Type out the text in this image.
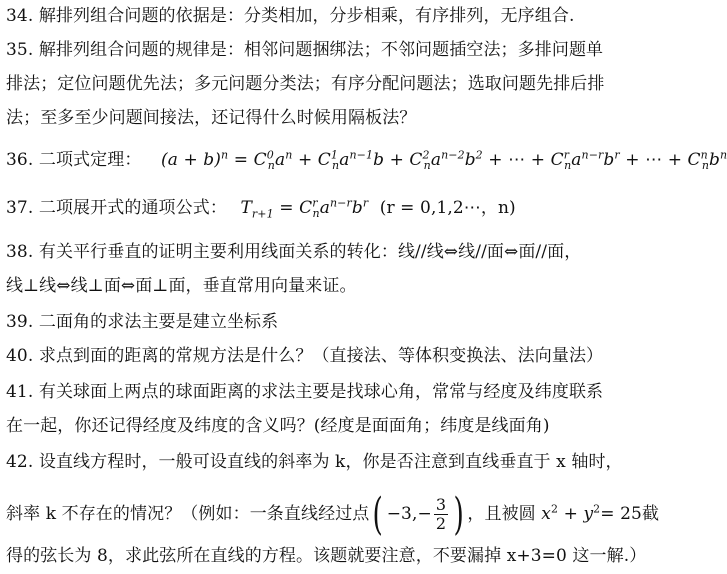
34. 解排列组合问题的依据是：分类相加，分步相乘，有序排列，无序组合.
35. 解排列组合问题的规律是：相邻问题捆绑法；不邻问题插空法；多排问题单
排法；定位问题优先法；多元问题分类法；有序分配问题法；选取问题先排后排
法；至多至少问题间接法，还记得什么时候用隔板法？
36. 二项式定理： $(a + b)^n = C^0_na^n + C^1_na^{n-1}b + C^2_na^{n-2}b^2$ + ⋯ + $C^r_na^{n-r}b^r$ + ⋯ + $C^n_nb^n$
37. 二项展开式的通项公式： $T_{r+1} = C^r_na^{n-r}b^r$ (r = 0,1,2⋯，n)
38. 有关平行垂直的证明主要利用线面关系的转化：线//线⇔线//面⇔面//面，
线⊥线⇔线⊥面⇔面⊥面，垂直常用向量来证。
39. 二面角的求法主要是建立坐标系
40. 求点到面的距离的常规方法是什么？（直接法、等体积变换法、法向量法）
41. 有关球面上两点的球面距离的求法主要是找球心角，常常与经度及纬度联系
在一起，你还记得经度及纬度的含义吗？(经度是面面角；纬度是线面角)
42. 设直线方程时，一般可设直线的斜率为 k，你是否注意到直线垂直于 x 轴时，
斜率 k 不存在的情况？（例如：一条直线经过点( $-3,- \frac{3}{2}$ ) ，且被圆 $x^2 + y^2= 25$截
得的弦长为 8，求此弦所在直线的方程。该题就要注意，不要漏掉 x+3=0 这一解.）
